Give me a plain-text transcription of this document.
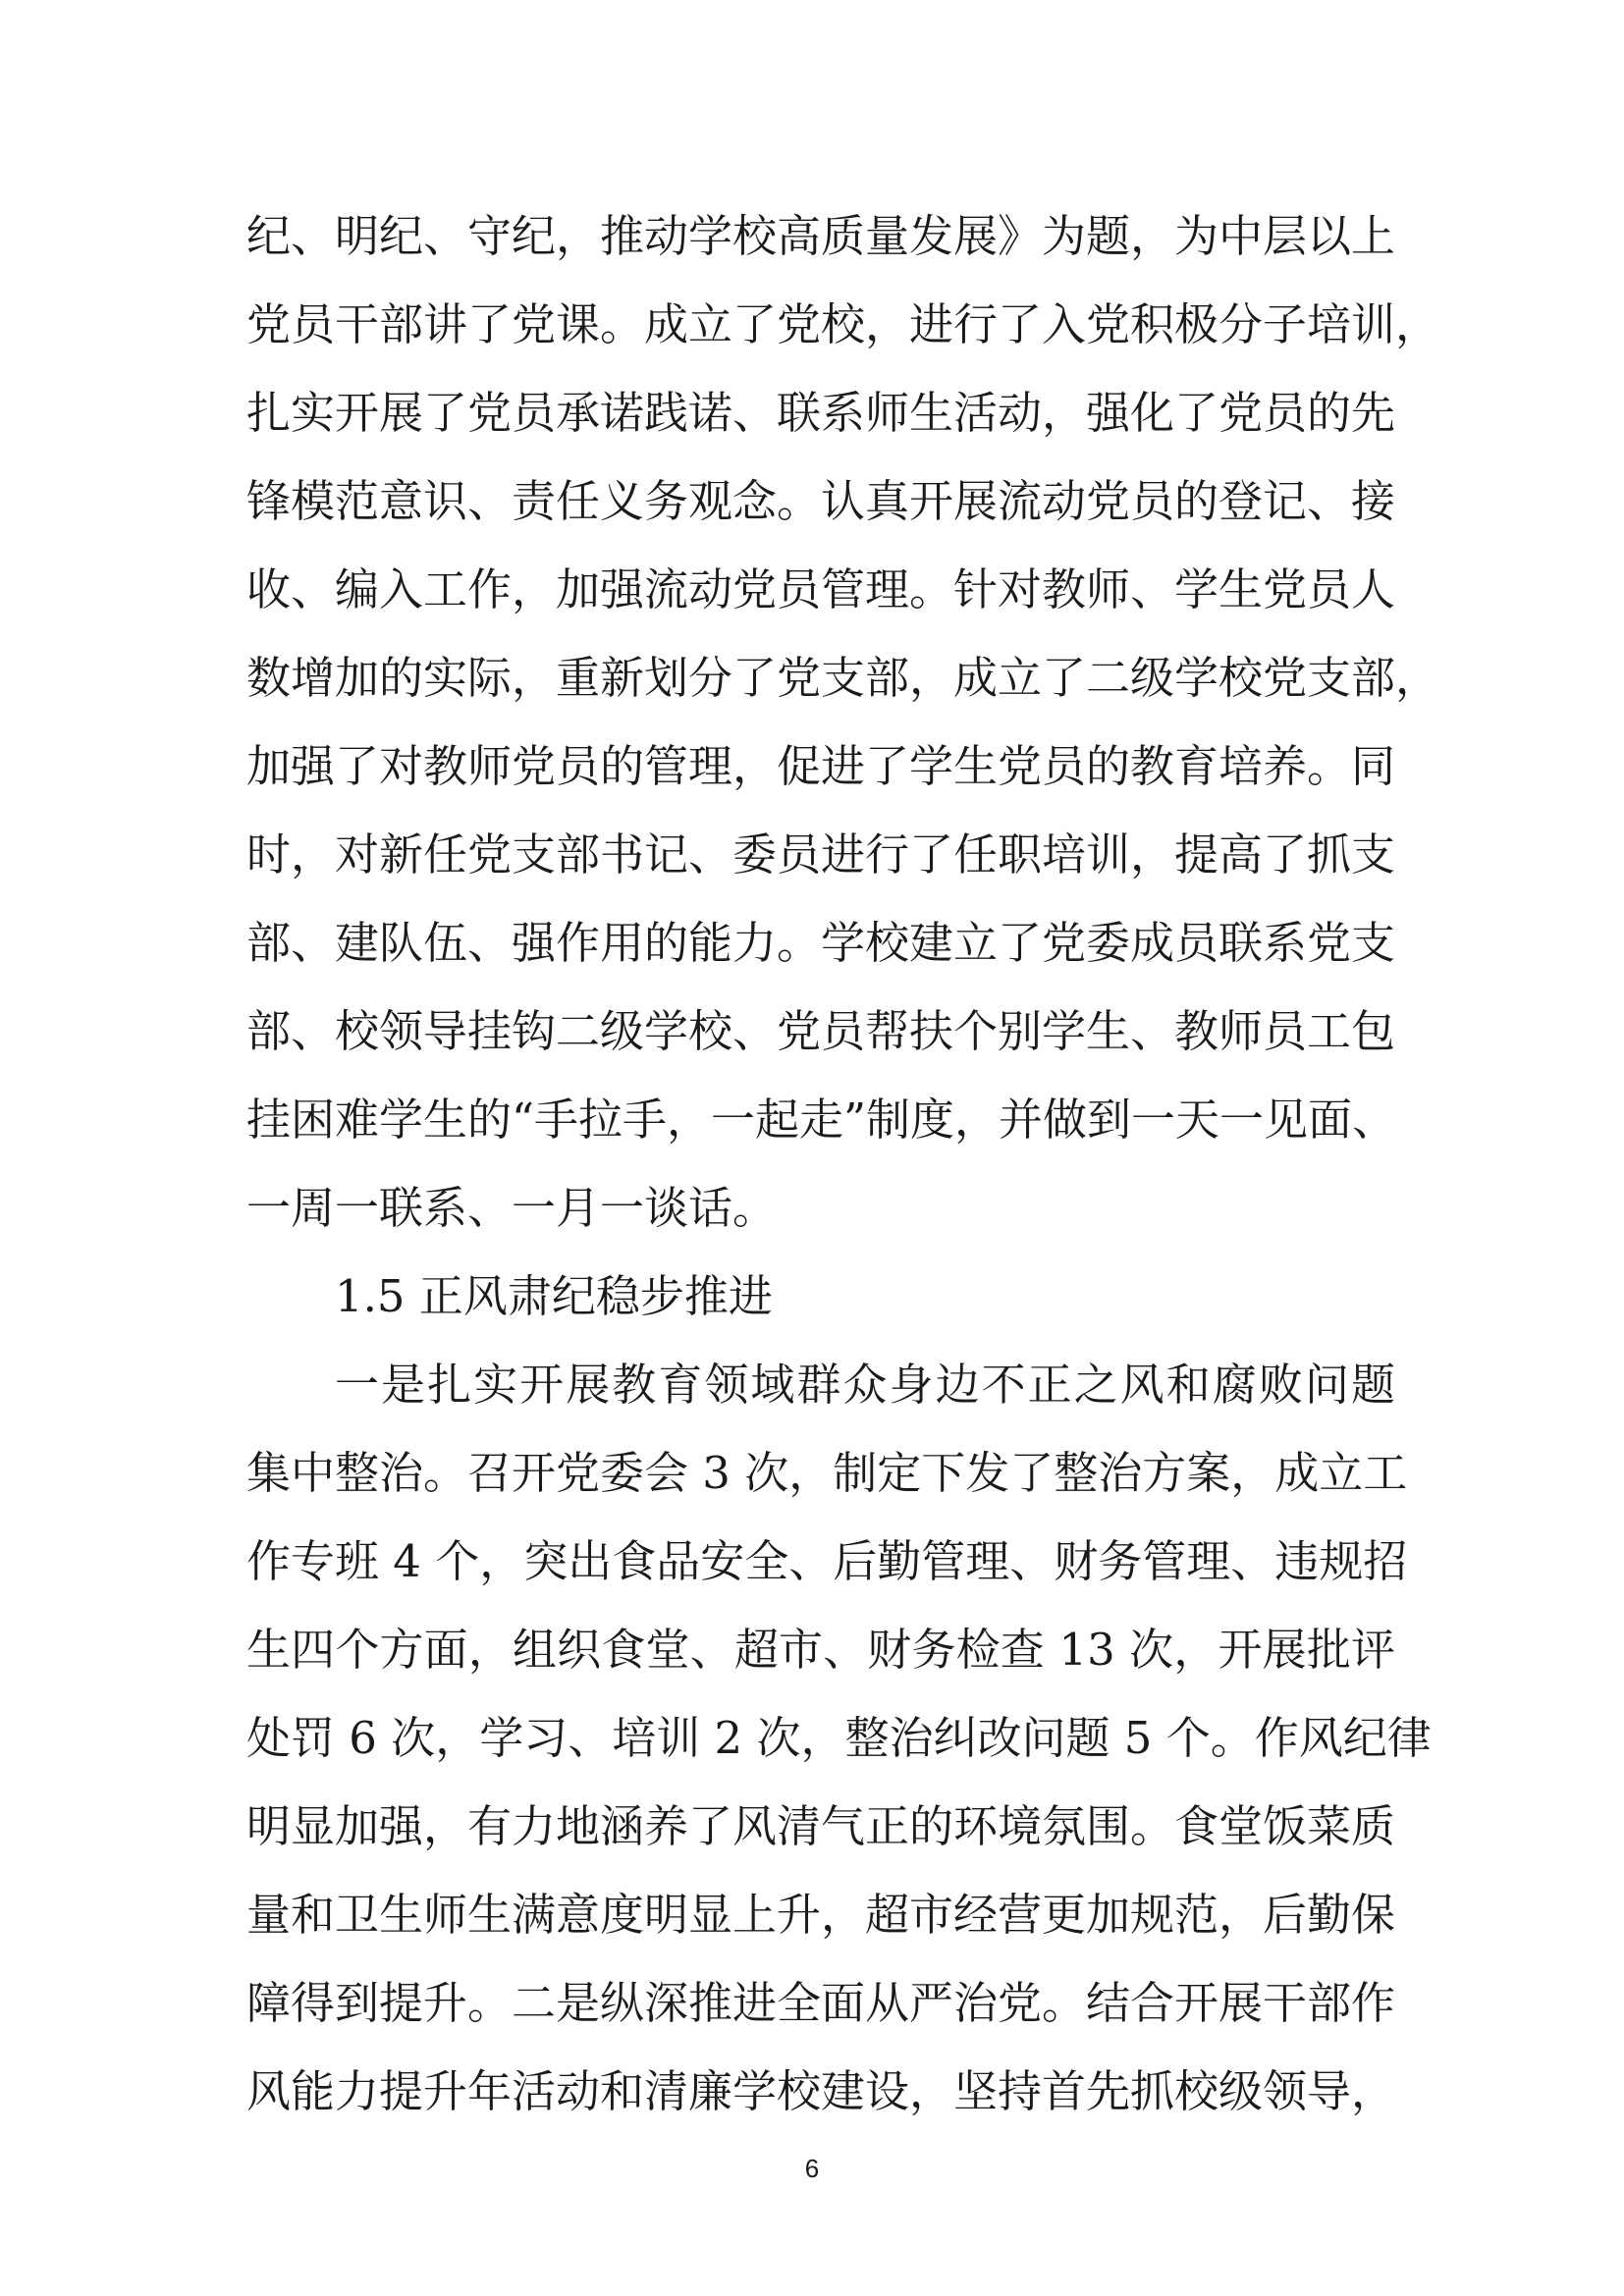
纪、明纪、守纪，推动学校高质量发展》为题，为中层以上
党员干部讲了党课。成立了党校，进行了入党积极分子培训，
扎实开展了党员承诺践诺、联系师生活动，强化了党员的先
锋模范意识、责任义务观念。认真开展流动党员的登记、接
收、编入工作，加强流动党员管理。针对教师、学生党员人
数增加的实际，重新划分了党支部，成立了二级学校党支部，
加强了对教师党员的管理，促进了学生党员的教育培养。同
时，对新任党支部书记、委员进行了任职培训，提高了抓支
部、建队伍、强作用的能力。学校建立了党委成员联系党支
部、校领导挂钩二级学校、党员帮扶个别学生、教师员工包
挂困难学生的“手拉手，一起走”制度，并做到一天一见面、
一周一联系、一月一谈话。
1.5 正风肃纪稳步推进
一是扎实开展教育领域群众身边不正之风和腐败问题
集中整治。召开党委会 3 次，制定下发了整治方案，成立工
作专班 4 个，突出食品安全、后勤管理、财务管理、违规招
生四个方面，组织食堂、超市、财务检查 13 次，开展批评
处罚 6 次，学习、培训 2 次，整治纠改问题 5 个。作风纪律
明显加强，有力地涵养了风清气正的环境氛围。食堂饭菜质
量和卫生师生满意度明显上升，超市经营更加规范，后勤保
障得到提升。二是纵深推进全面从严治党。结合开展干部作
风能力提升年活动和清廉学校建设，坚持首先抓校级领导，
6
